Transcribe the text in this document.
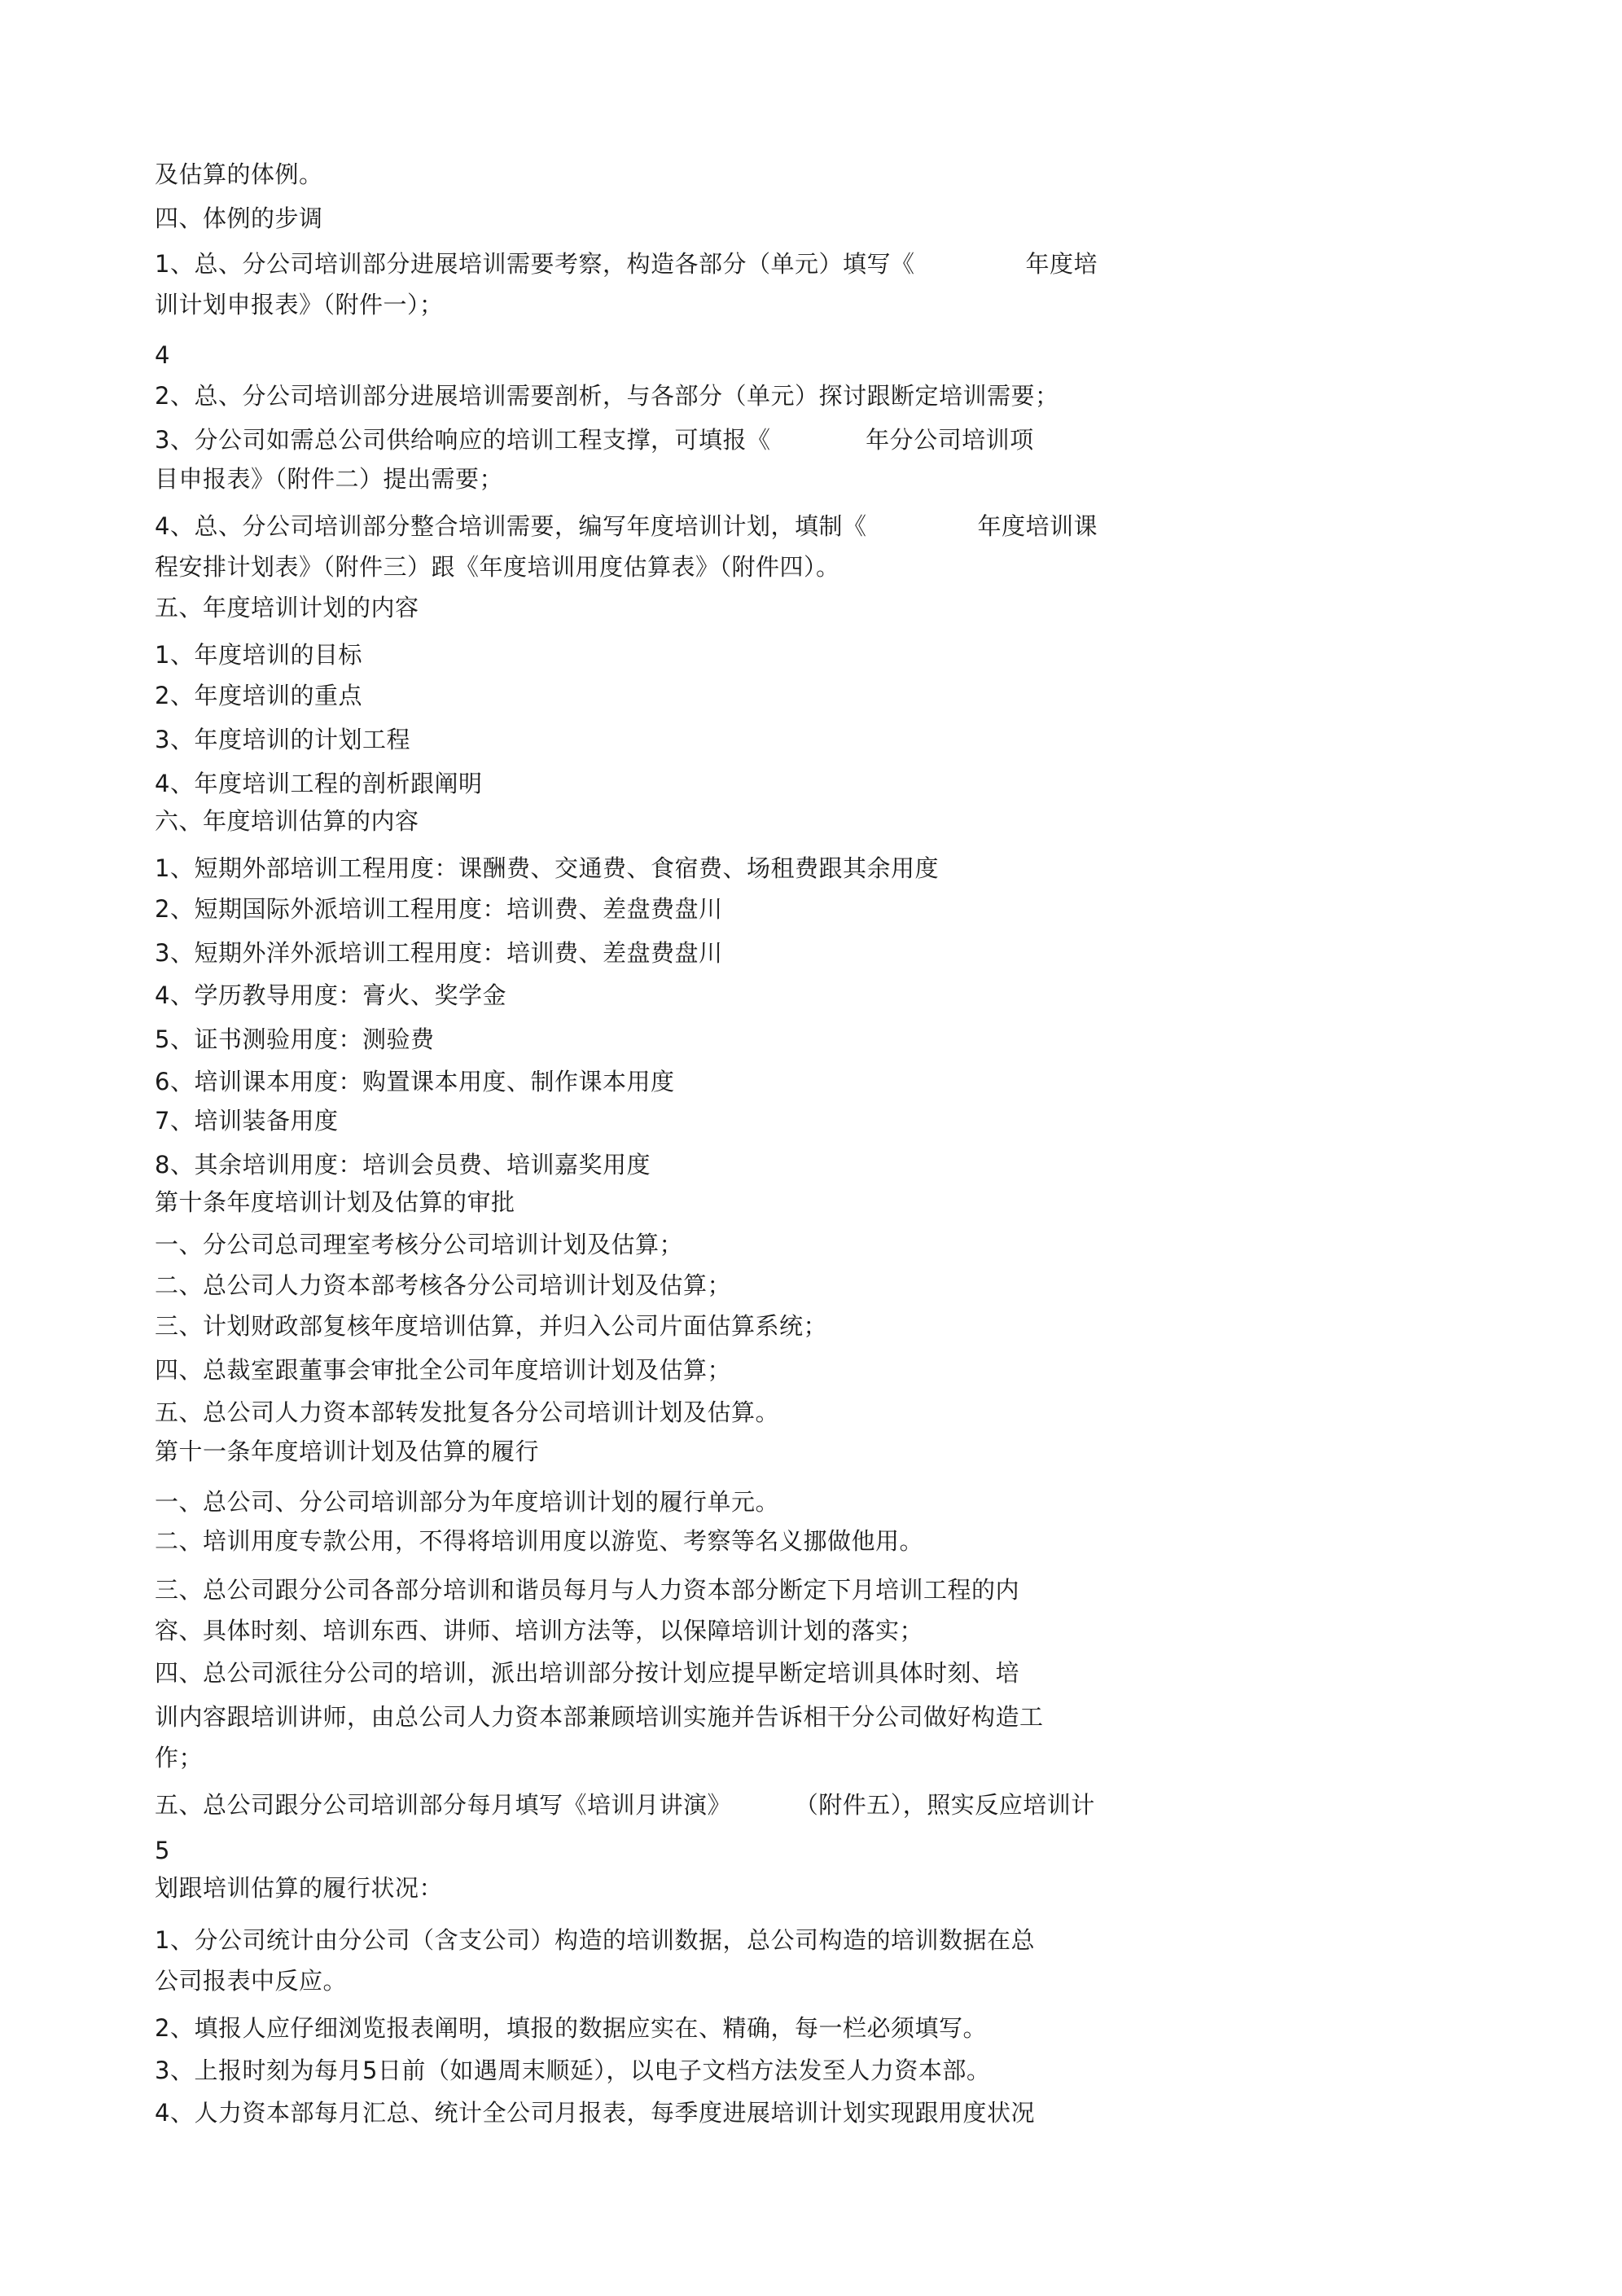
及估算的体例。

四、体例的步调

1、总、分公司培训部分进展培训需要考察，构造各部分（单元）填写《              年度培

训计划申报表》（附件一）；

4

2、总、分公司培训部分进展培训需要剖析，与各部分（单元）探讨跟断定培训需要；

3、分公司如需总公司供给响应的培训工程支撑，可填报《            年分公司培训项

目申报表》（附件二）提出需要；

4、总、分公司培训部分整合培训需要，编写年度培训计划，填制《              年度培训课

程安排计划表》（附件三）跟《年度培训用度估算表》（附件四）。

五、年度培训计划的内容

1、年度培训的目标

2、年度培训的重点

3、年度培训的计划工程

4、年度培训工程的剖析跟阐明

六、年度培训估算的内容

1、短期外部培训工程用度：课酬费、交通费、食宿费、场租费跟其余用度

2、短期国际外派培训工程用度：培训费、差盘费盘川

3、短期外洋外派培训工程用度：培训费、差盘费盘川

4、学历教导用度：膏火、奖学金

5、证书测验用度：测验费

6、培训课本用度：购置课本用度、制作课本用度

7、培训装备用度

8、其余培训用度：培训会员费、培训嘉奖用度

第十条年度培训计划及估算的审批

一、分公司总司理室考核分公司培训计划及估算；

二、总公司人力资本部考核各分公司培训计划及估算；

三、计划财政部复核年度培训估算，并归入公司片面估算系统；

四、总裁室跟董事会审批全公司年度培训计划及估算；

五、总公司人力资本部转发批复各分公司培训计划及估算。

第十一条年度培训计划及估算的履行

一、总公司、分公司培训部分为年度培训计划的履行单元。

二、培训用度专款公用，不得将培训用度以游览、考察等名义挪做他用。

三、总公司跟分公司各部分培训和谐员每月与人力资本部分断定下月培训工程的内

容、具体时刻、培训东西、讲师、培训方法等，以保障培训计划的落实；

四、总公司派往分公司的培训，派出培训部分按计划应提早断定培训具体时刻、培

训内容跟培训讲师，由总公司人力资本部兼顾培训实施并告诉相干分公司做好构造工

作；

五、总公司跟分公司培训部分每月填写《培训月讲演》        （附件五），照实反应培训计

5

划跟培训估算的履行状况：

1、分公司统计由分公司（含支公司）构造的培训数据，总公司构造的培训数据在总

公司报表中反应。

2、填报人应仔细浏览报表阐明，填报的数据应实在、精确，每一栏必须填写。

3、上报时刻为每月5日前（如遇周末顺延），以电子文档方法发至人力资本部。

4、人力资本部每月汇总、统计全公司月报表，每季度进展培训计划实现跟用度状况
